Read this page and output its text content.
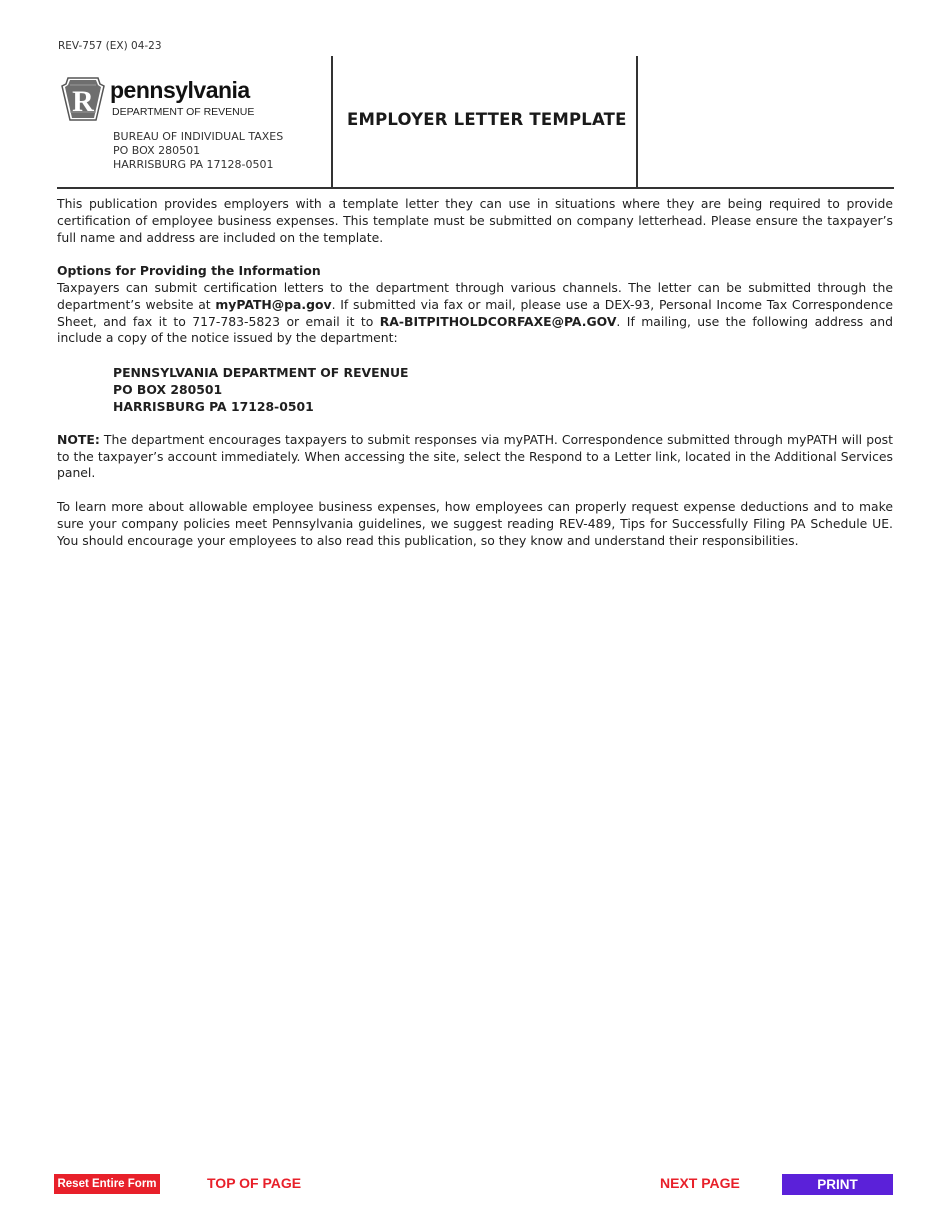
REV-757 (EX) 04-23
R pennsylvania
DEPARTMENT OF REVENUE
BUREAU OF INDIVIDUAL TAXES
PO BOX 280501
HARRISBURG PA 17128-0501
EMPLOYER LETTER TEMPLATE

This publication provides employers with a template letter they can use in situations where they are being required to provide certification of employee business expenses. This template must be submitted on company letterhead. Please ensure the taxpayer’s full name and address are included on the template.

Options for Providing the Information

Taxpayers can submit certification letters to the department through various channels. The letter can be submitted through the department’s website at myPATH@pa.gov. If submitted via fax or mail, please use a DEX-93, Personal Income Tax Correspondence Sheet, and fax it to 717-783-5823 or email it to RA-BITPITHOLDCORFAXE@PA.GOV. If mailing, use the following address and include a copy of the notice issued by the department:

PENNSYLVANIA DEPARTMENT OF REVENUE
PO BOX 280501
HARRISBURG PA 17128-0501

NOTE: The department encourages taxpayers to submit responses via myPATH. Correspondence submitted through myPATH will post to the taxpayer’s account immediately. When accessing the site, select the Respond to a Letter link, located in the Additional Services panel.

To learn more about allowable employee business expenses, how employees can properly request expense deductions and to make sure your company policies meet Pennsylvania guidelines, we suggest reading REV-489, Tips for Successfully Filing PA Schedule UE. You should encourage your employees to also read this publication, so they know and understand their responsibilities.

Reset Entire Form	TOP OF PAGE	NEXT PAGE	PRINT
